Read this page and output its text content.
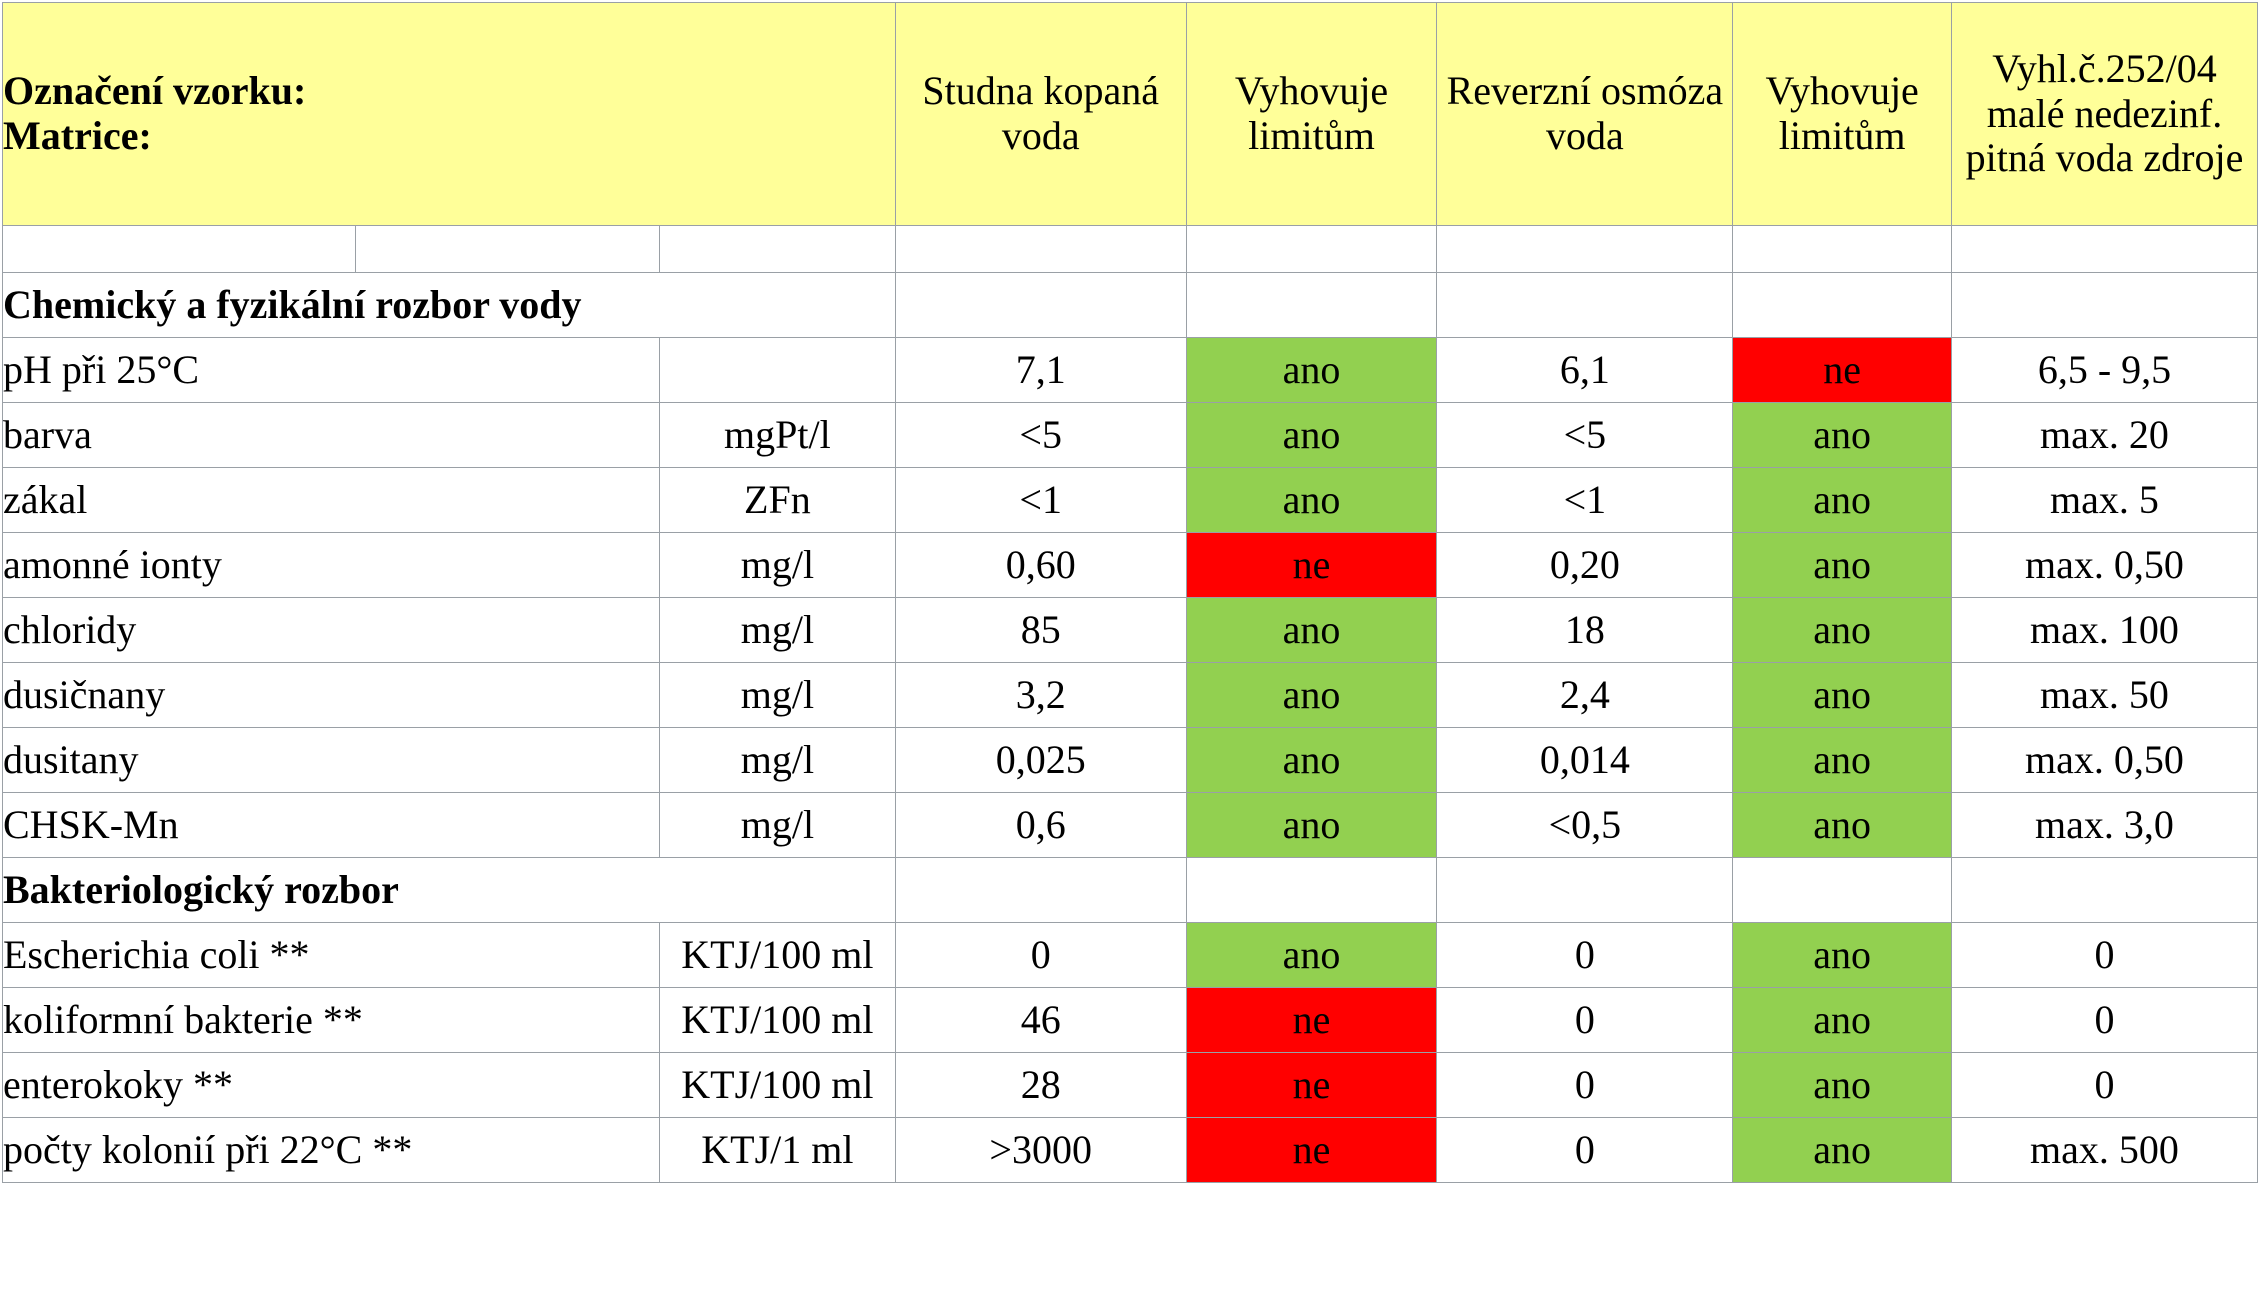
Označení vzorku:
Matrice:			Studna kopaná voda	Vyhovuje limitům	Reverzní osmóza voda	Vyhovuje limitům	Vyhl.č.252/04 malé nedezinf. pitná voda zdroje

Chemický a fyzikální rozbor vody							
pH při 25°C			7,1	ano	6,1	ne	6,5 - 9,5
barva		mgPt/l	<5	ano	<5	ano	max. 20
zákal		ZFn	<1	ano	<1	ano	max. 5
amonné ionty		mg/l	0,60	ne	0,20	ano	max. 0,50
chloridy		mg/l	85	ano	18	ano	max. 100
dusičnany		mg/l	3,2	ano	2,4	ano	max. 50
dusitany		mg/l	0,025	ano	0,014	ano	max. 0,50
CHSK-Mn		mg/l	0,6	ano	<0,5	ano	max. 3,0
Bakteriologický rozbor							
Escherichia coli **		KTJ/100 ml	0	ano	0	ano	0
koliformní bakterie **		KTJ/100 ml	46	ne	0	ano	0
enterokoky **		KTJ/100 ml	28	ne	0	ano	0
počty kolonií při 22°C **		KTJ/1 ml	>3000	ne	0	ano	max. 500
